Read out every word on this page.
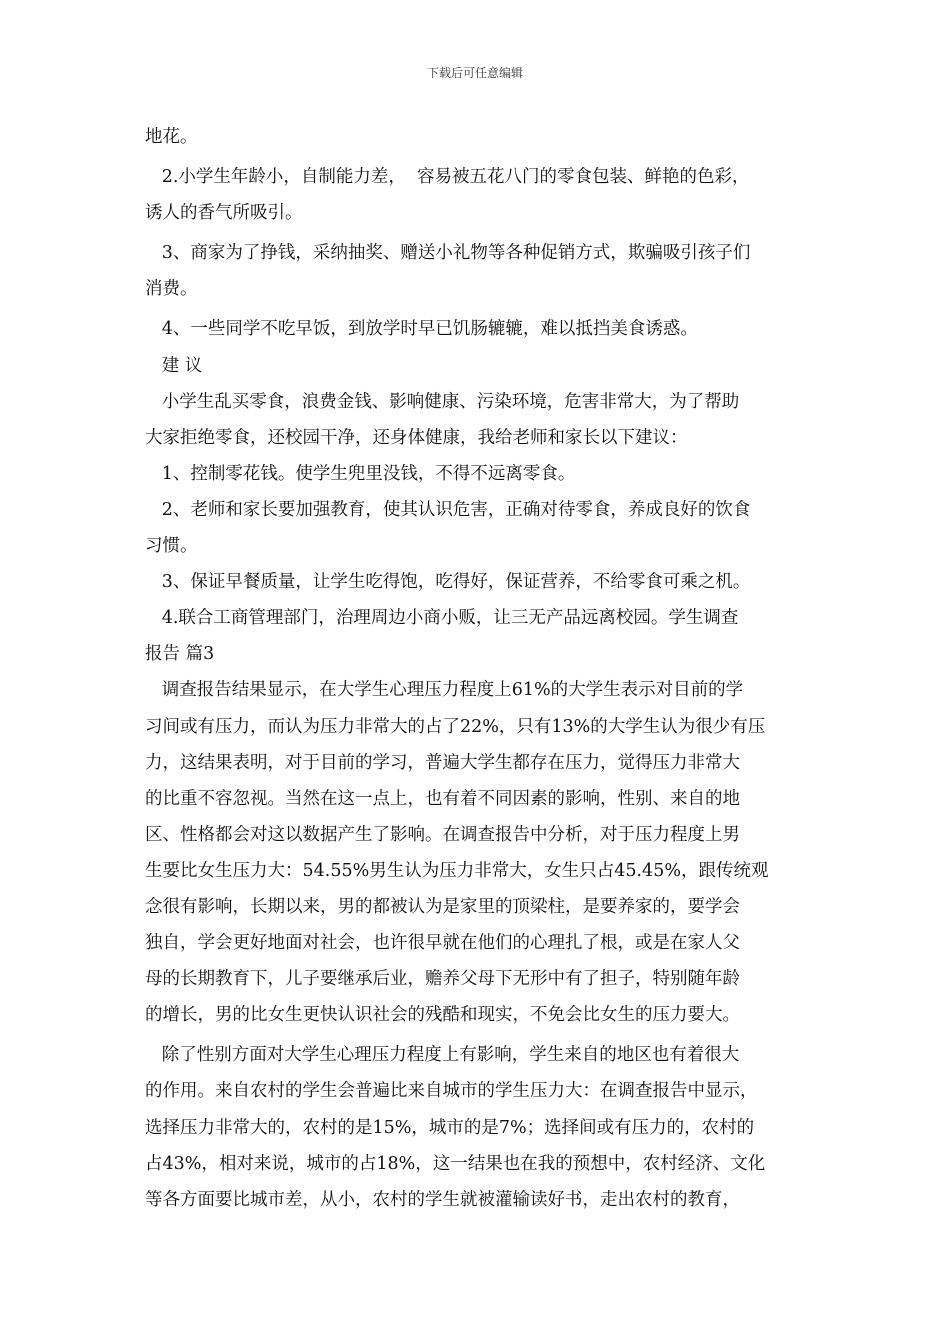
下载后可任意编辑

地花。

2.小学生年龄小，自制能力差，  容易被五花八门的零食包装、鲜艳的色彩，

诱人的香气所吸引。

3、商家为了挣钱，采纳抽奖、赠送小礼物等各种促销方式，欺骗吸引孩子们

消费。

4、一些同学不吃早饭，到放学时早已饥肠辘辘，难以抵挡美食诱惑。

建 议

小学生乱买零食，浪费金钱、影响健康、污染环境，危害非常大，为了帮助

大家拒绝零食，还校园干净，还身体健康，我给老师和家长以下建议：

1、控制零花钱。使学生兜里没钱，不得不远离零食。

2、老师和家长要加强教育，使其认识危害，正确对待零食，养成良好的饮食

习惯。

3、保证早餐质量，让学生吃得饱，吃得好，保证营养，不给零食可乘之机。

4.联合工商管理部门，治理周边小商小贩，让三无产品远离校园。学生调查

报告 篇3

调查报告结果显示，在大学生心理压力程度上61%的大学生表示对目前的学

习间或有压力，而认为压力非常大的占了22%，只有13%的大学生认为很少有压

力，这结果表明，对于目前的学习，普遍大学生都存在压力，觉得压力非常大

的比重不容忽视。当然在这一点上，也有着不同因素的影响，性别、来自的地

区、性格都会对这以数据产生了影响。在调查报告中分析，对于压力程度上男

生要比女生压力大：54.55%男生认为压力非常大，女生只占45.45%，跟传统观

念很有影响，长期以来，男的都被认为是家里的顶梁柱，是要养家的，要学会

独自，学会更好地面对社会，也许很早就在他们的心理扎了根，或是在家人父

母的长期教育下，儿子要继承后业，赡养父母下无形中有了担子，特别随年龄

的增长，男的比女生更快认识社会的残酷和现实，不免会比女生的压力要大。

除了性别方面对大学生心理压力程度上有影响，学生来自的地区也有着很大

的作用。来自农村的学生会普遍比来自城市的学生压力大：在调查报告中显示，

选择压力非常大的，农村的是15%，城市的是7%；选择间或有压力的，农村的

占43%，相对来说，城市的占18%，这一结果也在我的预想中，农村经济、文化

等各方面要比城市差，从小，农村的学生就被灌输读好书，走出农村的教育，
